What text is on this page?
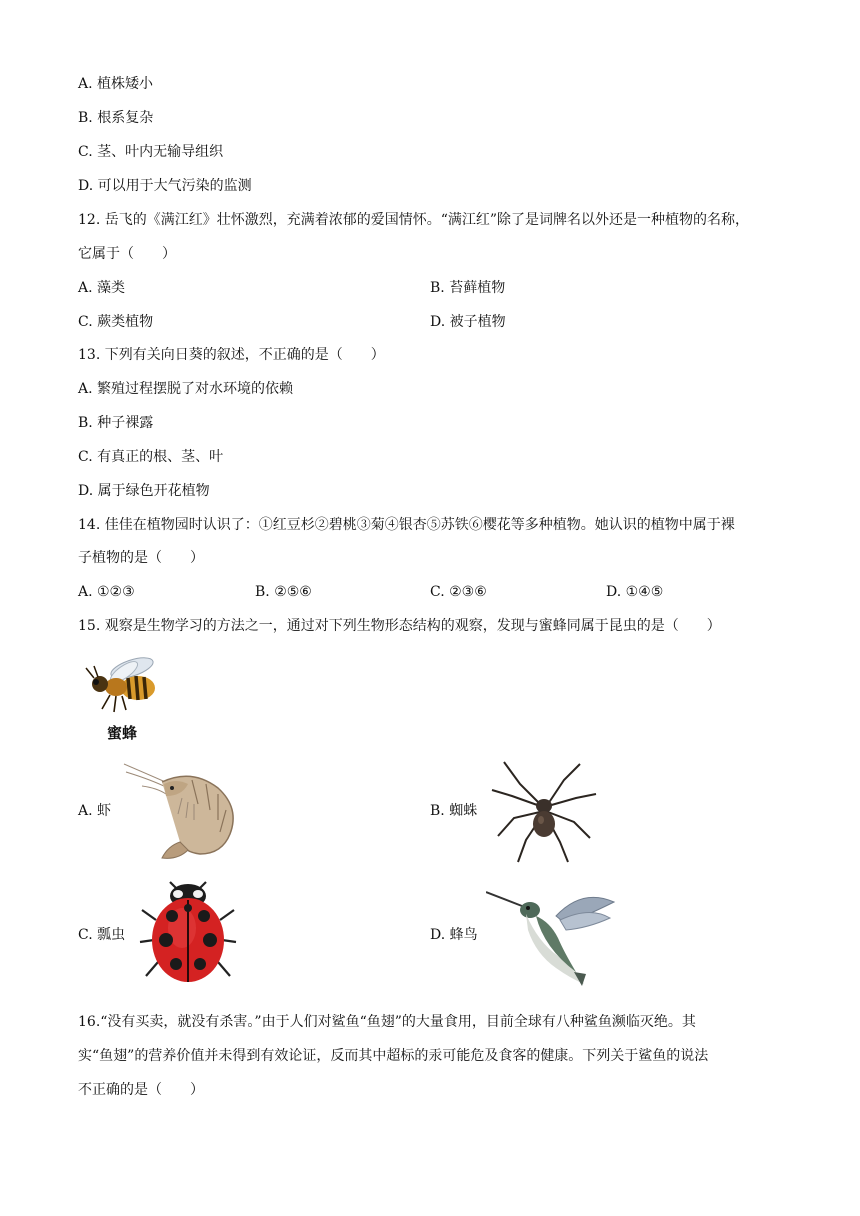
A. 植株矮小
B. 根系复杂
C. 茎、叶内无输导组织
D. 可以用于大气污染的监测
12. 岳飞的《满江红》壮怀激烈，充满着浓郁的爱国情怀。“满江红”除了是词牌名以外还是一种植物的名称，
它属于（　　）
A. 藻类	B. 苔藓植物
C. 蕨类植物	D. 被子植物
13. 下列有关向日葵的叙述，不正确的是（　　）
A. 繁殖过程摆脱了对水环境的依赖
B. 种子裸露
C. 有真正的根、茎、叶
D. 属于绿色开花植物
14. 佳佳在植物园时认识了：①红豆杉②碧桃③菊④银杏⑤苏铁⑥樱花等多种植物。她认识的植物中属于裸
子植物的是（　　）
A. ①②③	B. ②⑤⑥	C. ②③⑥	D. ①④⑤
15. 观察是生物学习的方法之一，通过对下列生物形态结构的观察，发现与蜜蜂同属于昆虫的是（　　）
蜜蜂
A. 虾	B. 蜘蛛
C. 瓢虫	D. 蜂鸟
16.“没有买卖，就没有杀害。”由于人们对鲨鱼“鱼翅”的大量食用，目前全球有八种鲨鱼濒临灭绝。其
实“鱼翅”的营养价值并未得到有效论证，反而其中超标的汞可能危及食客的健康。下列关于鲨鱼的说法
不正确的是（　　）
